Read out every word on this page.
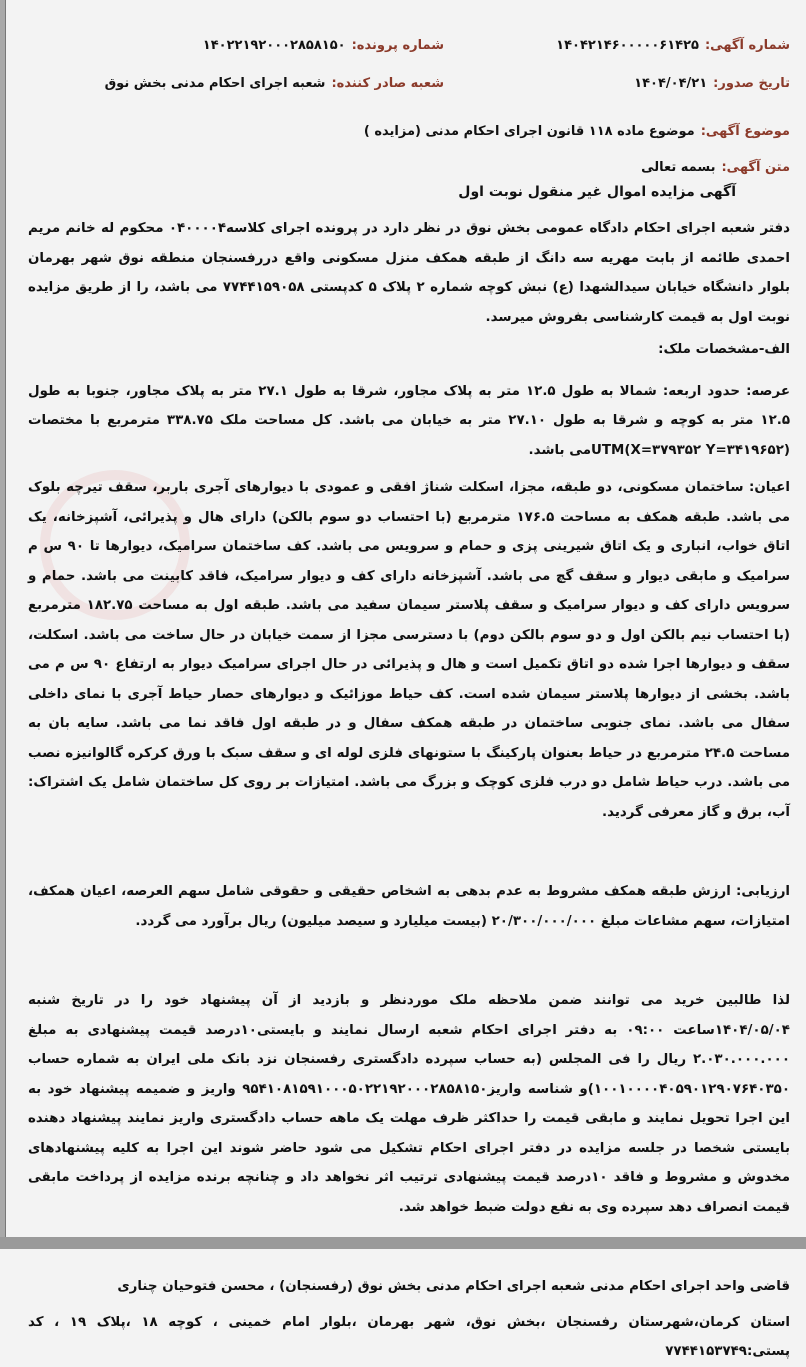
شماره آگهی:۱۴۰۴۲۱۴۶۰۰۰۰۰۶۱۴۲۵
شماره پرونده:۱۴۰۲۲۱۹۲۰۰۰۲۸۵۸۱۵۰
تاریخ صدور:۱۴۰۴/۰۴/۲۱
شعبه صادر کننده:شعبه اجرای احکام مدنی بخش نوق
موضوع آگهی:موضوع ماده ۱۱۸ قانون اجرای احکام مدنی (مزایده )
متن آگهی:بسمه تعالی
آگهی مزایده اموال غیر منقول نوبت اول

دفتر شعبه اجرای احکام دادگاه عمومی بخش نوق در نظر دارد در پرونده اجرای کلاسه۰۴۰۰۰۰۴ محکوم له خانم مریم احمدی طائمه از بابت مهریه سه دانگ از طبقه همکف منزل مسکونی واقع دررفسنجان منطقه نوق شهر بهرمان بلوار دانشگاه خیابان سیدالشهدا (ع) نبش کوچه شماره ۲ پلاک ۵ کدپستی ۷۷۴۴۱۵۹۰۵۸ می باشد، را از طریق مزایده نوبت اول به قیمت کارشناسی بفروش میرسد.

الف-مشخصات ملک:

عرصه: حدود اربعه: شمالا به طول ۱۲.۵ متر به پلاک مجاور، شرقا به طول ۲۷.۱ متر به پلاک مجاور، جنوبا به طول ۱۲.۵ متر به کوچه و شرقا به طول ۲۷.۱۰ متر به خیابان می باشد. کل مساحت ملک ۳۳۸.۷۵ مترمربع با مختصات UTM(X=۳۷۹۳۵۲ Y=۳۴۱۹۶۵۲)می باشد.

اعیان: ساختمان مسکونی، دو طبقه، مجزا، اسکلت شناژ افقی و عمودی با دیوارهای آجری باربر، سقف تیرچه بلوک می باشد. طبقه همکف به مساحت ۱۷۶.۵ مترمربع (با احتساب دو سوم بالکن) دارای هال و پذیرائی، آشپزخانه، یک اتاق خواب، انباری و یک اتاق شیرینی پزی و حمام و سرویس می باشد. کف ساختمان سرامیک، دیوارها تا ۹۰ س م سرامیک و مابقی دیوار و سقف گچ می باشد. آشپزخانه دارای کف و دیوار سرامیک، فاقد کابینت می باشد. حمام و سرویس دارای کف و دیوار سرامیک و سقف پلاستر سیمان سفید می باشد. طبقه اول به مساحت ۱۸۲.۷۵ مترمربع (با احتساب نیم بالکن اول و دو سوم بالکن دوم) با دسترسی مجزا از سمت خیابان در حال ساخت می باشد. اسکلت، سقف و دیوارها اجرا شده دو اتاق تکمیل است و هال و پذیرائی در حال اجرای سرامیک دیوار به ارتفاع ۹۰ س م می باشد. بخشی از دیوارها پلاستر سیمان شده است. کف حیاط موزائیک و دیوارهای حصار حیاط آجری با نمای داخلی سفال می باشد. نمای جنوبی ساختمان در طبقه همکف سفال و در طبقه اول فاقد نما می باشد. سایه بان به مساحت ۲۴.۵ مترمربع در حیاط بعنوان پارکینگ با ستونهای فلزی لوله ای و سقف سبک با ورق کرکره گالوانیزه نصب می باشد. درب حیاط شامل دو درب فلزی کوچک و بزرگ می باشد. امتیازات بر روی کل ساختمان شامل یک اشتراک: آب، برق و گاز معرفی گردید.

ارزیابی: ارزش طبقه همکف مشروط به عدم بدهی به اشخاص حقیقی و حقوقی شامل سهم العرصه، اعیان همکف، امتیازات، سهم مشاعات مبلغ ۲۰/۳۰۰/۰۰۰/۰۰۰ (بیست میلیارد و سیصد میلیون) ریال برآورد می گردد.

لذا طالبین خرید می توانند ضمن ملاحظه ملک موردنظر و بازدید از آن پیشنهاد خود را در تاریخ شنبه ۱۴۰۴/۰۵/۰۴ساعت ۰۹:۰۰ به دفتر اجرای احکام شعبه ارسال نمایند و بایستی۱۰درصد قیمت پیشنهادی به مبلغ ۲.۰۳۰.۰۰۰.۰۰۰ ریال را فی المجلس (به حساب سپرده دادگستری رفسنجان نزد بانک ملی ایران به شماره حساب ۱۰۰۱۰۰۰۰۴۰۵۹۰۱۲۹۰۷۶۴۰۳۵۰)و شناسه واریز۹۵۴۱۰۸۱۵۹۱۰۰۰۵۰۲۲۱۹۲۰۰۰۲۸۵۸۱۵۰ واریز و ضمیمه پیشنهاد خود به این اجرا تحویل نمایند و مابقی قیمت را حداکثر ظرف مهلت یک ماهه حساب دادگستری واریز نمایند پیشنهاد دهنده بایستی شخصا در جلسه مزایده در دفتر اجرای احکام تشکیل می شود حاضر شوند این اجرا به کلیه پیشنهادهای مخدوش و مشروط و فاقد ۱۰درصد قیمت پیشنهادی ترتیب اثر نخواهد داد و چنانچه برنده مزایده از پرداخت مابقی قیمت انصراف دهد سپرده وی به نفع دولت ضبط خواهد شد.

قاضی واحد اجرای احکام مدنی شعبه اجرای احکام مدنی بخش نوق (رفسنجان) ، محسن فتوحیان چناری

استان کرمان،شهرستان رفسنجان ،بخش نوق، شهر بهرمان ،بلوار امام خمینی ، کوچه ۱۸ ،پلاک ۱۹ ، کد پستی:۷۷۴۴۱۵۳۷۴۹
